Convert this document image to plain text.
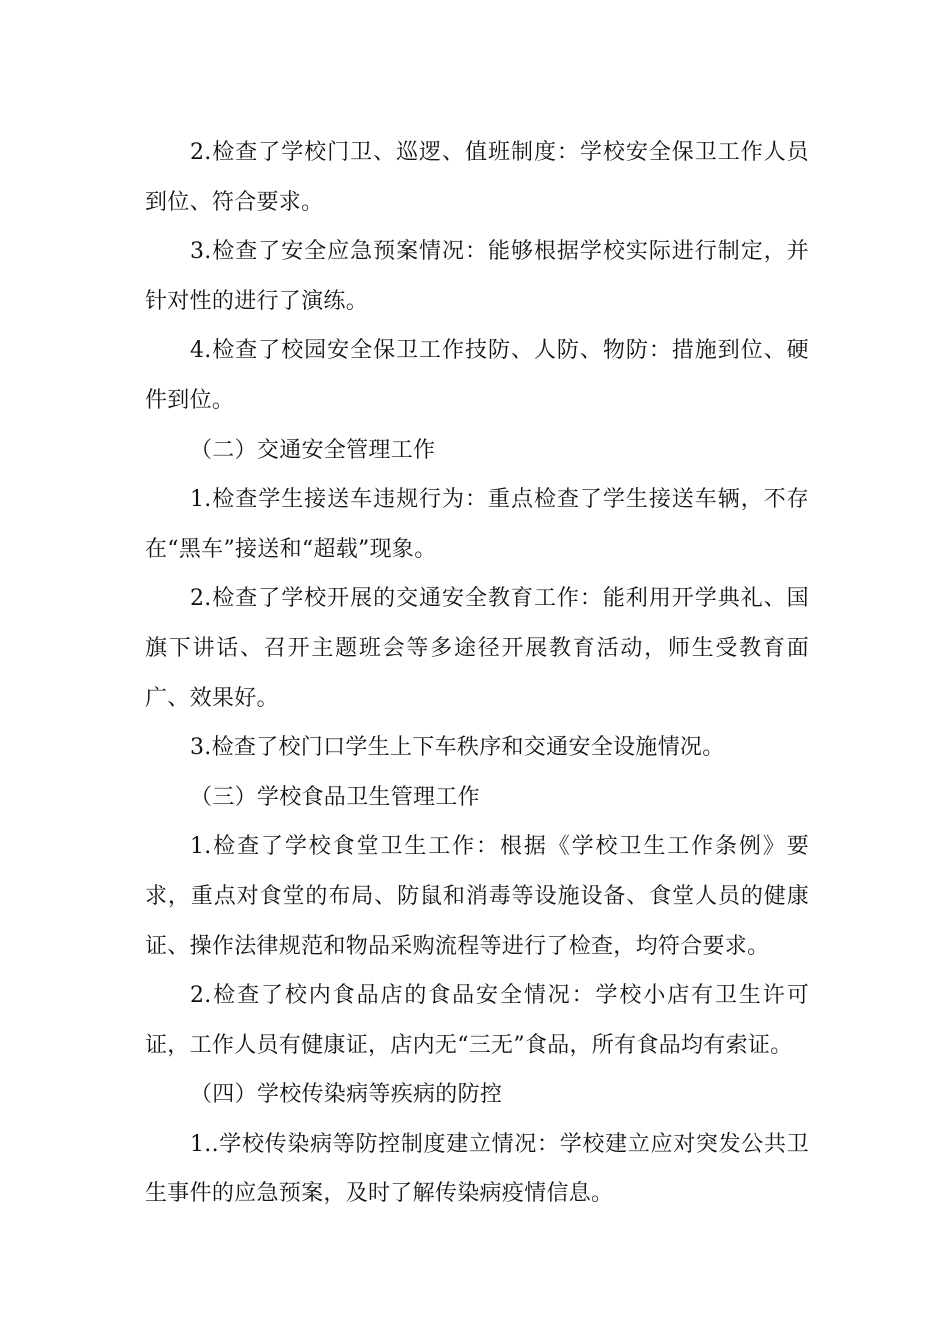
2.检查了学校门卫、巡逻、值班制度：学校安全保卫工作人员到位、符合要求。

3.检查了安全应急预案情况：能够根据学校实际进行制定，并针对性的进行了演练。

4.检查了校园安全保卫工作技防、人防、物防：措施到位、硬件到位。

（二）交通安全管理工作

1.检查学生接送车违规行为：重点检查了学生接送车辆，不存在“黑车”接送和“超载”现象。

2.检查了学校开展的交通安全教育工作：能利用开学典礼、国旗下讲话、召开主题班会等多途径开展教育活动，师生受教育面广、效果好。

3.检查了校门口学生上下车秩序和交通安全设施情况。

（三）学校食品卫生管理工作

1.检查了学校食堂卫生工作：根据《学校卫生工作条例》要求，重点对食堂的布局、防鼠和消毒等设施设备、食堂人员的健康证、操作法律规范和物品采购流程等进行了检查，均符合要求。

2.检查了校内食品店的食品安全情况：学校小店有卫生许可证，工作人员有健康证，店内无“三无”食品，所有食品均有索证。

（四）学校传染病等疾病的防控

1..学校传染病等防控制度建立情况：学校建立应对突发公共卫生事件的应急预案，及时了解传染病疫情信息。
